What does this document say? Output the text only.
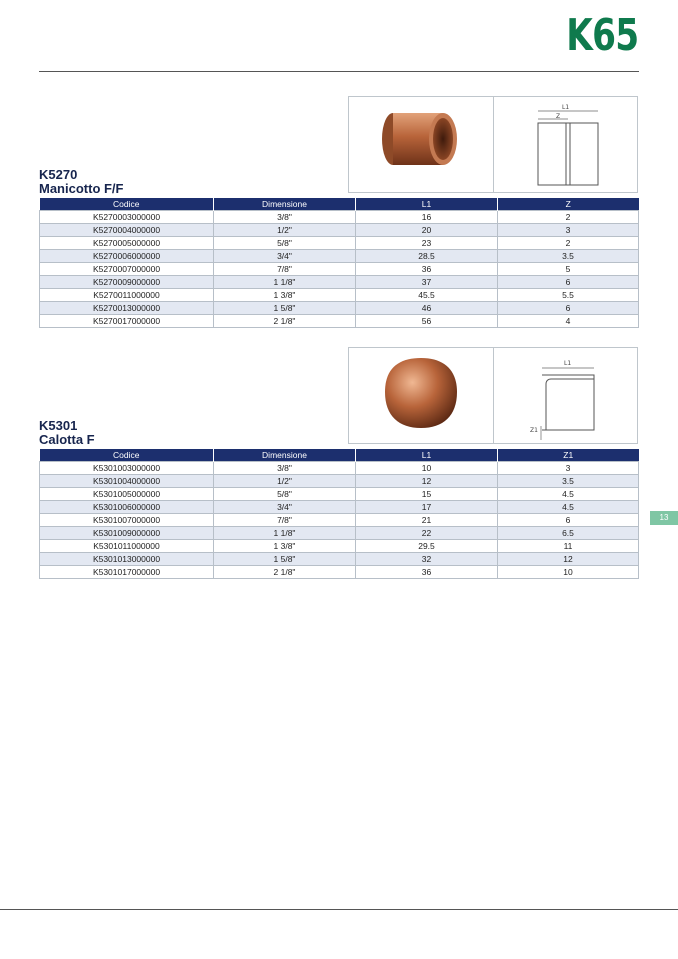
K65
L1
Z
K5270
Manicotto F/F
Codice	Dimensione	L1	Z
K5270003000000	3/8"	16	2
K5270004000000	1/2"	20	3
K5270005000000	5/8"	23	2
K5270006000000	3/4"	28.5	3.5
K5270007000000	7/8"	36	5
K5270009000000	1 1/8"	37	6
K5270011000000	1 3/8"	45.5	5.5
K5270013000000	1 5/8"	46	6
K5270017000000	2 1/8"	56	4
L1
Z1
K5301
Calotta F
Codice	Dimensione	L1	Z1
K5301003000000	3/8"	10	3
K5301004000000	1/2"	12	3.5
K5301005000000	5/8"	15	4.5
K5301006000000	3/4"	17	4.5
K5301007000000	7/8"	21	6
K5301009000000	1 1/8"	22	6.5
K5301011000000	1 3/8"	29.5	11
K5301013000000	1 5/8"	32	12
K5301017000000	2 1/8"	36	10
13
